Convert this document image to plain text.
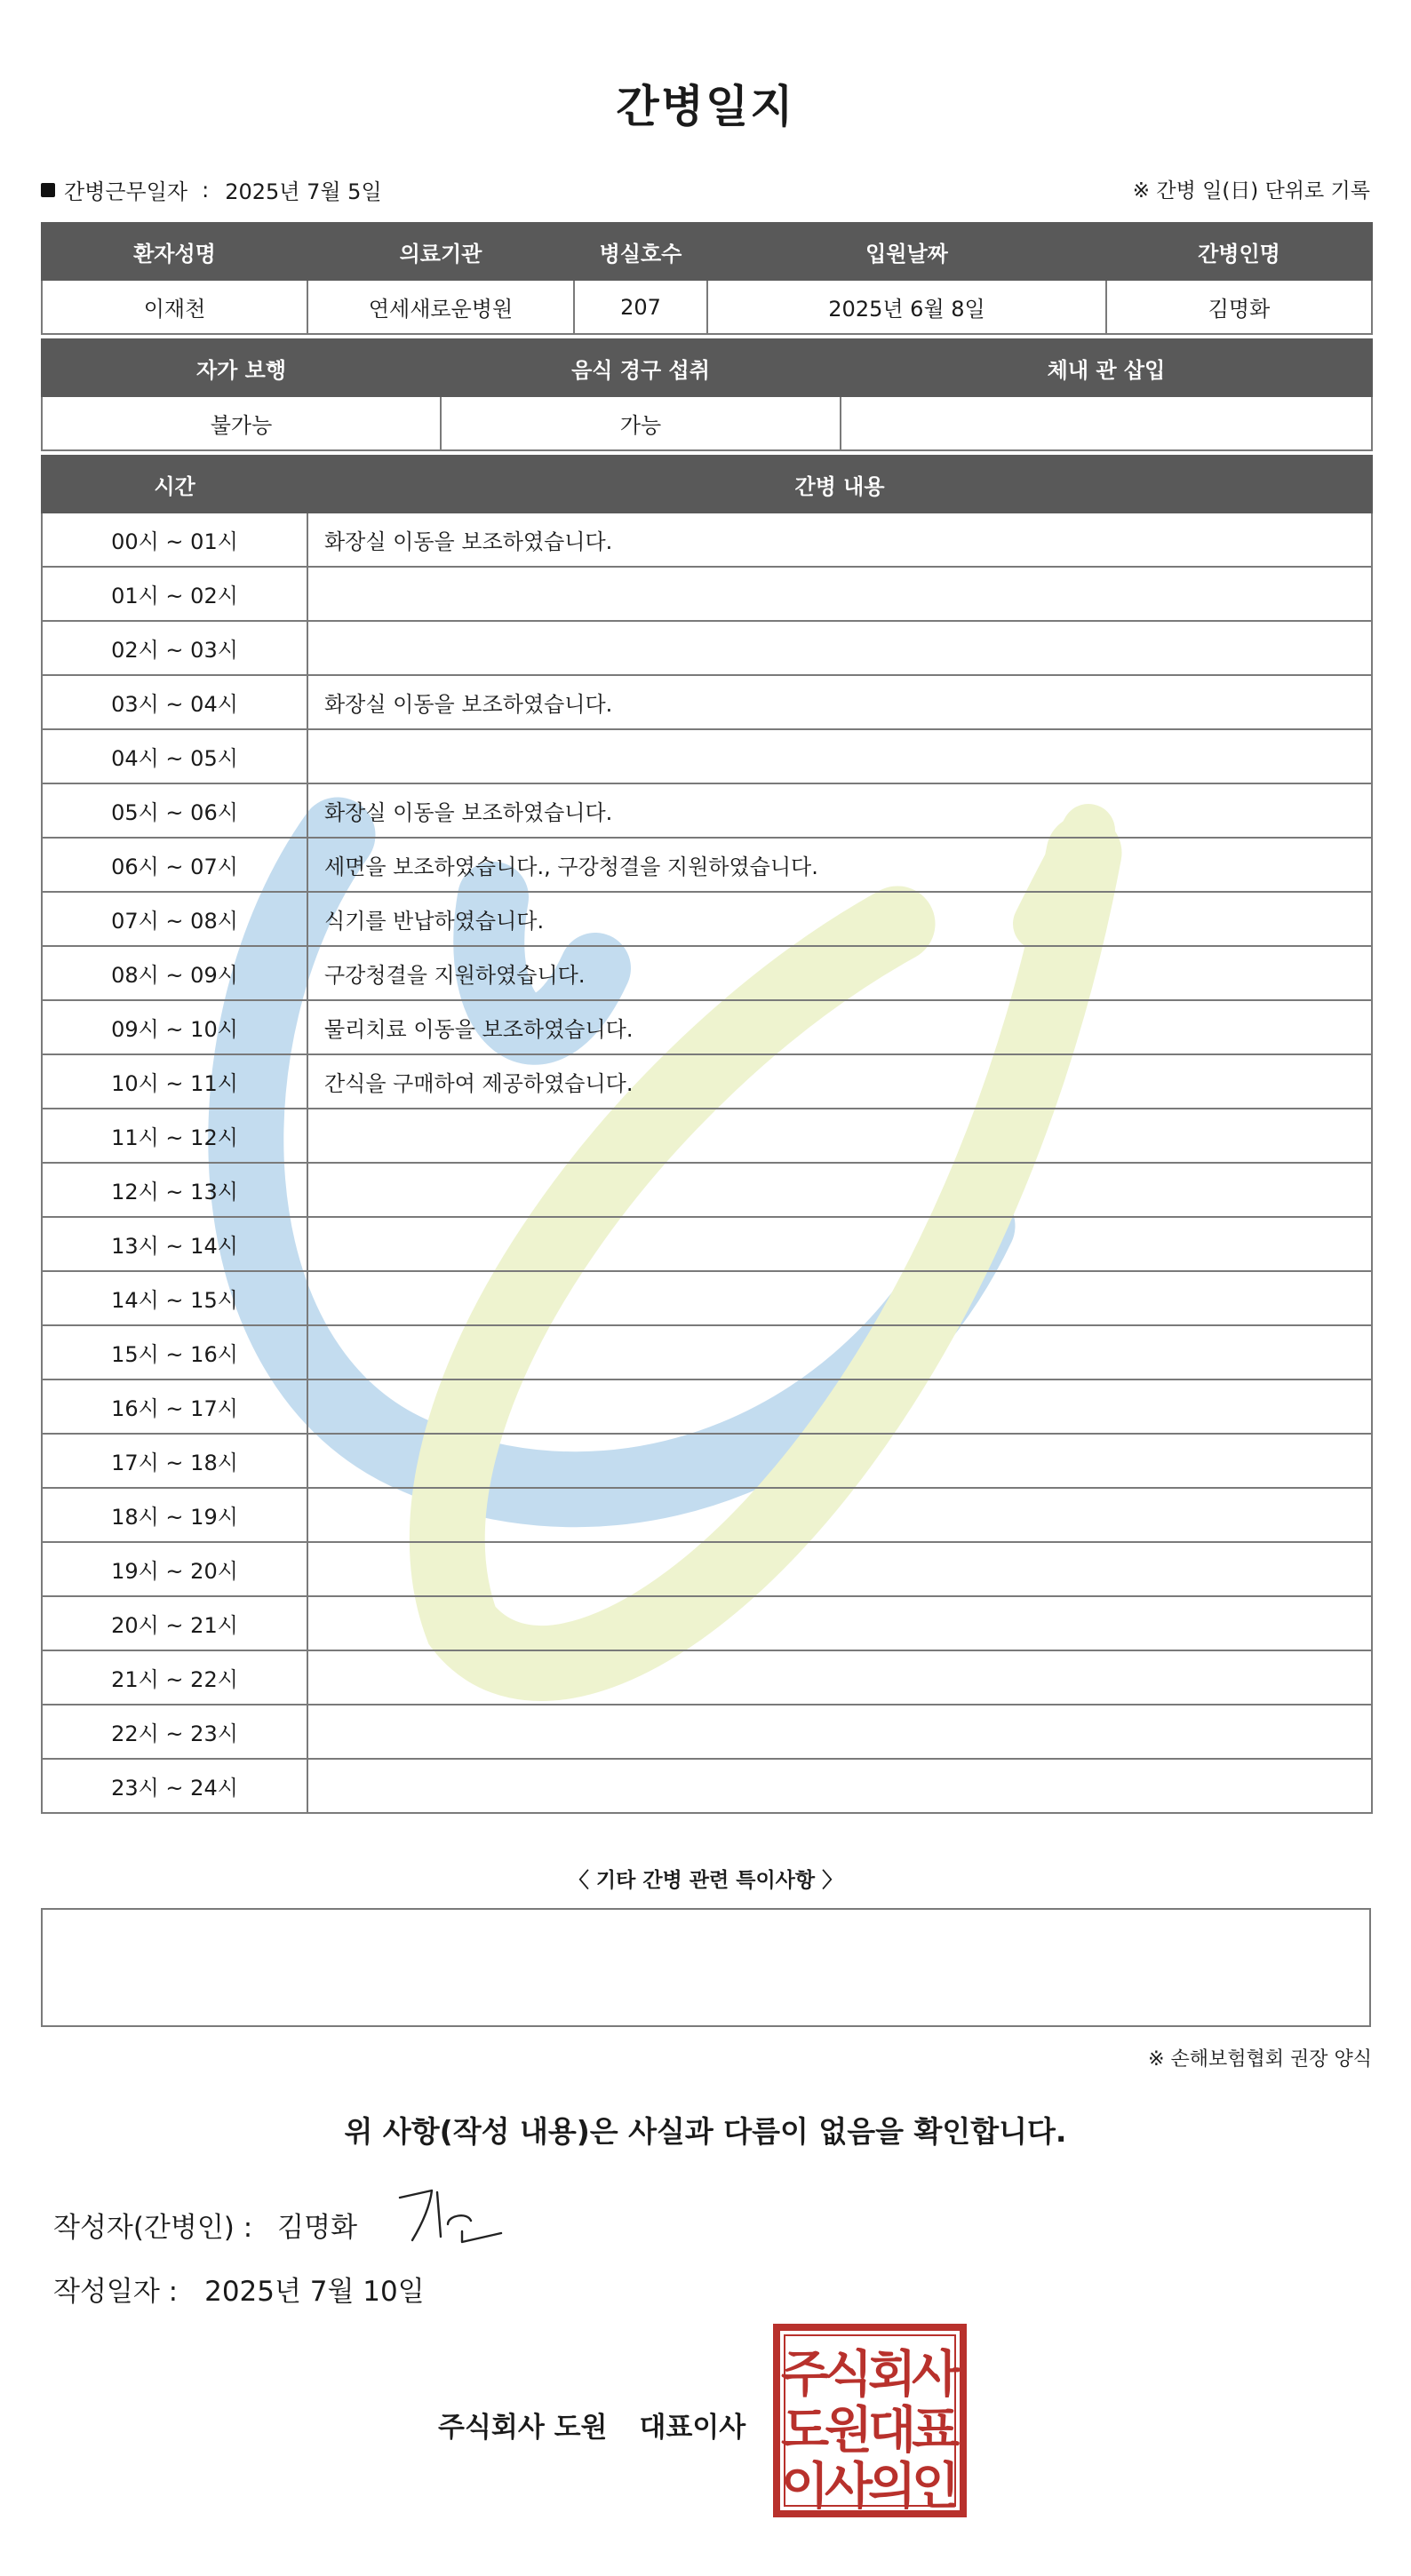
간병일지
간병근무일자 : 2025년 7월 5일	※ 간병 일(日) 단위로 기록
환자성명	의료기관	병실호수	입원날짜	간병인명
이재천	연세새로운병원	207	2025년 6월 8일	김명화
자가 보행	음식 경구 섭취	체내 관 삽입
불가능	가능	
시간	간병 내용
00시 ~ 01시	화장실 이동을 보조하였습니다.
01시 ~ 02시	
02시 ~ 03시	
03시 ~ 04시	화장실 이동을 보조하였습니다.
04시 ~ 05시	
05시 ~ 06시	화장실 이동을 보조하였습니다.
06시 ~ 07시	세면을 보조하였습니다., 구강청결을 지원하였습니다.
07시 ~ 08시	식기를 반납하였습니다.
08시 ~ 09시	구강청결을 지원하였습니다.
09시 ~ 10시	물리치료 이동을 보조하였습니다.
10시 ~ 11시	간식을 구매하여 제공하였습니다.
11시 ~ 12시	
12시 ~ 13시	
13시 ~ 14시	
14시 ~ 15시	
15시 ~ 16시	
16시 ~ 17시	
17시 ~ 18시	
18시 ~ 19시	
19시 ~ 20시	
20시 ~ 21시	
21시 ~ 22시	
22시 ~ 23시	
23시 ~ 24시	
〈 기타 간병 관련 특이사항 〉
※ 손해보험협회 권장 양식
위 사항(작성 내용)은 사실과 다름이 없음을 확인합니다.
작성자(간병인) : 김명화
작성일자 : 2025년 7월 10일
주식회사 도원 대표이사
주
식
회
사
도
원
대
표
이
사
의
인
